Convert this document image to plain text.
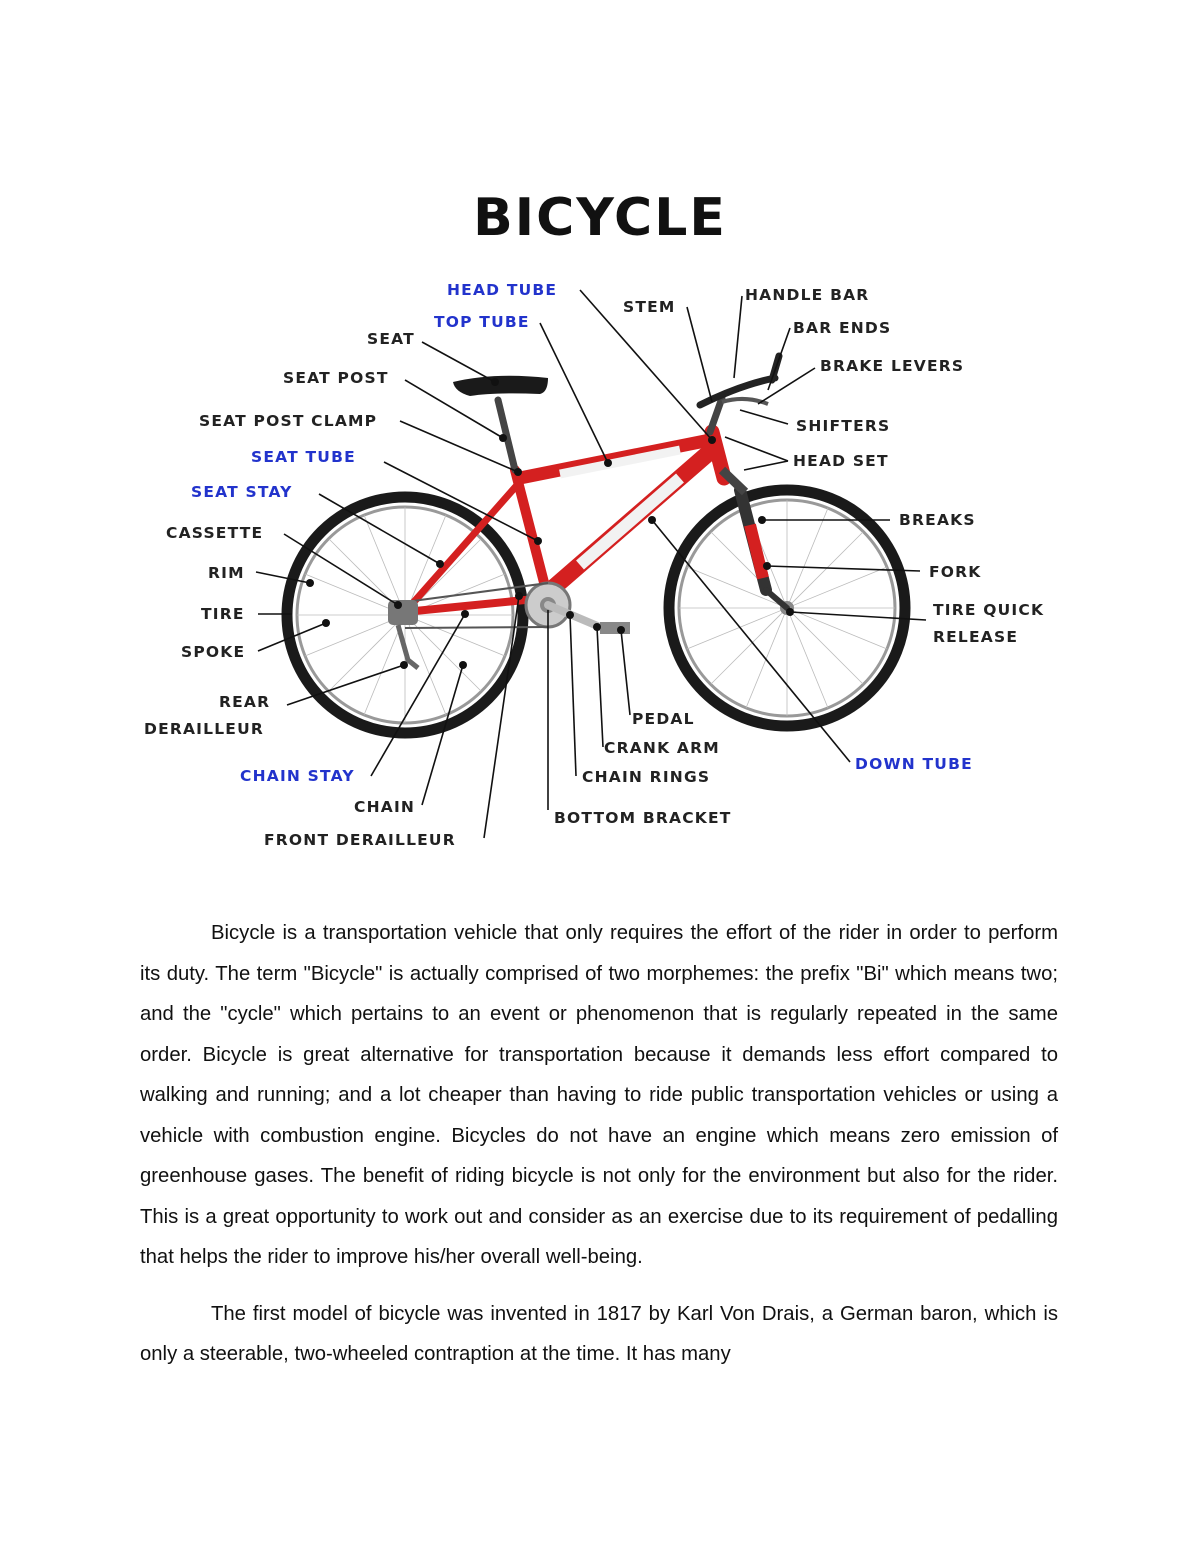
BICYCLE
HEAD TUBE
TOP TUBE
SEAT
SEAT POST
SEAT POST CLAMP
SEAT TUBE
SEAT STAY
CASSETTE
RIM
TIRE
SPOKE
REAR
DERAILLEUR
CHAIN STAY
CHAIN
FRONT DERAILLEUR
STEM
HANDLE BAR
BAR ENDS
BRAKE LEVERS
SHIFTERS
HEAD SET
BREAKS
FORK
TIRE QUICK
RELEASE
PEDAL
CRANK ARM
CHAIN RINGS
BOTTOM BRACKET
DOWN TUBE

Bicycle is a transportation vehicle that only requires the effort of the rider in order to perform its duty. The term "Bicycle" is actually comprised of two morphemes: the prefix "Bi" which means two; and the "cycle" which pertains to an event or phenomenon that is regularly repeated in the same order. Bicycle is great alternative for transportation because it demands less effort compared to walking and running; and a lot cheaper than having to ride public transportation vehicles or using a vehicle with combustion engine. Bicycles do not have an engine which means zero emission of greenhouse gases. The benefit of riding bicycle is not only for the environment but also for the rider. This is a great opportunity to work out and consider as an exercise due to its requirement of pedalling that helps the rider to improve his/her overall well-being.

The first model of bicycle was invented in 1817 by Karl Von Drais, a German baron, which is only a steerable, two-wheeled contraption at the time. It has many
